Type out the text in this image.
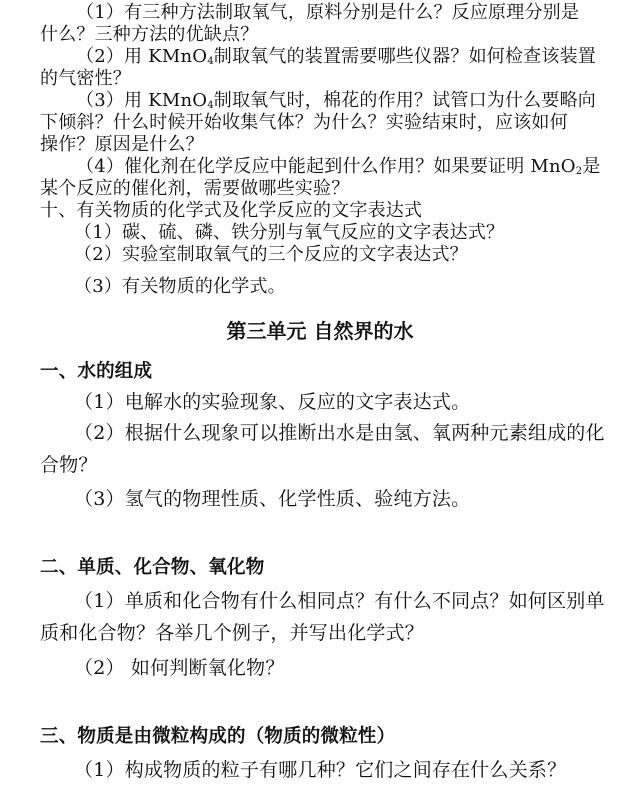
（1）有三种方法制取氧气，原料分别是什么？反应原理分别是
什么？三种方法的优缺点？
（2）用 KMnO$_4$制取氧气的装置需要哪些仪器？如何检查该装置
的气密性？
（3）用 KMnO$_4$制取氧气时，棉花的作用？试管口为什么要略向
下倾斜？什么时候开始收集气体？为什么？实验结束时，应该如何
操作？原因是什么？
（4）催化剂在化学反应中能起到什么作用？如果要证明 MnO$_2$是
某个反应的催化剂，需要做哪些实验？
十、有关物质的化学式及化学反应的文字表达式
（1）碳、硫、磷、铁分别与氧气反应的文字表达式？
（2）实验室制取氧气的三个反应的文字表达式？
（3）有关物质的化学式。
第三单元 自然界的水
一、水的组成
（1）电解水的实验现象、反应的文字表达式。
（2）根据什么现象可以推断出水是由氢、氧两种元素组成的化
合物？
（3）氢气的物理性质、化学性质、验纯方法。
二、单质、化合物、氧化物
（1）单质和化合物有什么相同点？有什么不同点？如何区别单
质和化合物？各举几个例子，并写出化学式？
（2） 如何判断氧化物？
三、物质是由微粒构成的（物质的微粒性）
（1）构成物质的粒子有哪几种？它们之间存在什么关系？
